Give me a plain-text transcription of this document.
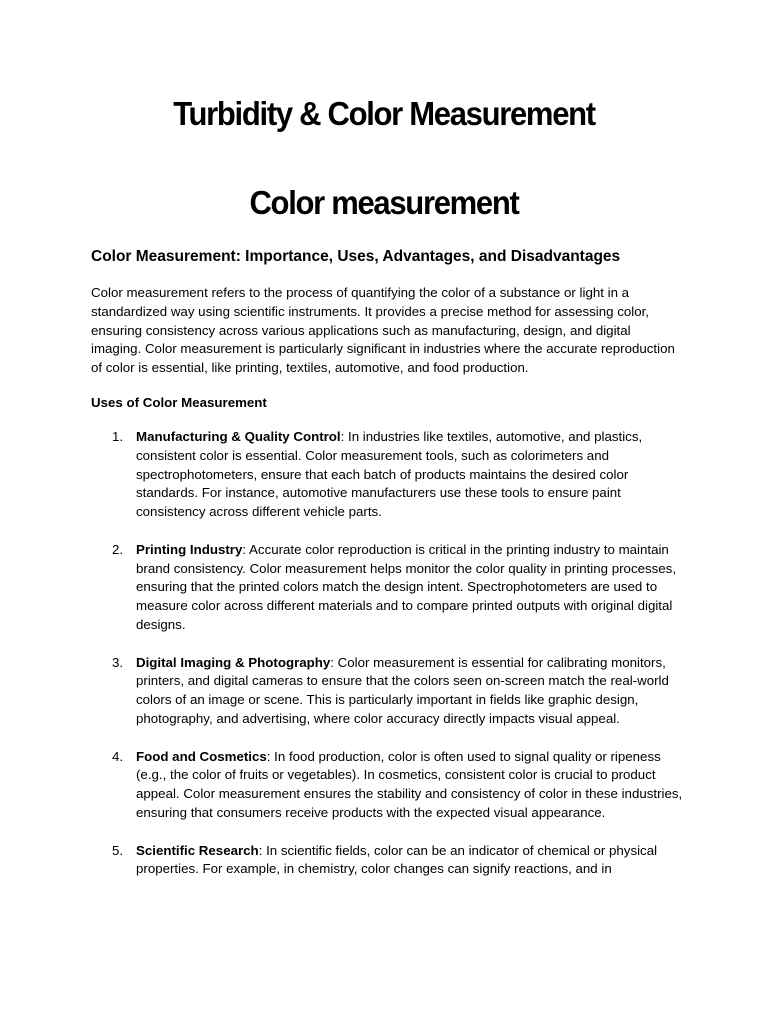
Turbidity & Color Measurement
Color measurement
Color Measurement: Importance, Uses, Advantages, and Disadvantages

Color measurement refers to the process of quantifying the color of a substance or light in a standardized way using scientific instruments. It provides a precise method for assessing color, ensuring consistency across various applications such as manufacturing, design, and digital imaging. Color measurement is particularly significant in industries where the accurate reproduction of color is essential, like printing, textiles, automotive, and food production.

Uses of Color Measurement

1. Manufacturing & Quality Control: In industries like textiles, automotive, and plastics, consistent color is essential. Color measurement tools, such as colorimeters and spectrophotometers, ensure that each batch of products maintains the desired color standards. For instance, automotive manufacturers use these tools to ensure paint consistency across different vehicle parts.
2. Printing Industry: Accurate color reproduction is critical in the printing industry to maintain brand consistency. Color measurement helps monitor the color quality in printing processes, ensuring that the printed colors match the design intent. Spectrophotometers are used to measure color across different materials and to compare printed outputs with original digital designs.
3. Digital Imaging & Photography: Color measurement is essential for calibrating monitors, printers, and digital cameras to ensure that the colors seen on-screen match the real-world colors of an image or scene. This is particularly important in fields like graphic design, photography, and advertising, where color accuracy directly impacts visual appeal.
4. Food and Cosmetics: In food production, color is often used to signal quality or ripeness (e.g., the color of fruits or vegetables). In cosmetics, consistent color is crucial to product appeal. Color measurement ensures the stability and consistency of color in these industries, ensuring that consumers receive products with the expected visual appearance.
5. Scientific Research: In scientific fields, color can be an indicator of chemical or physical properties. For example, in chemistry, color changes can signify reactions, and in
